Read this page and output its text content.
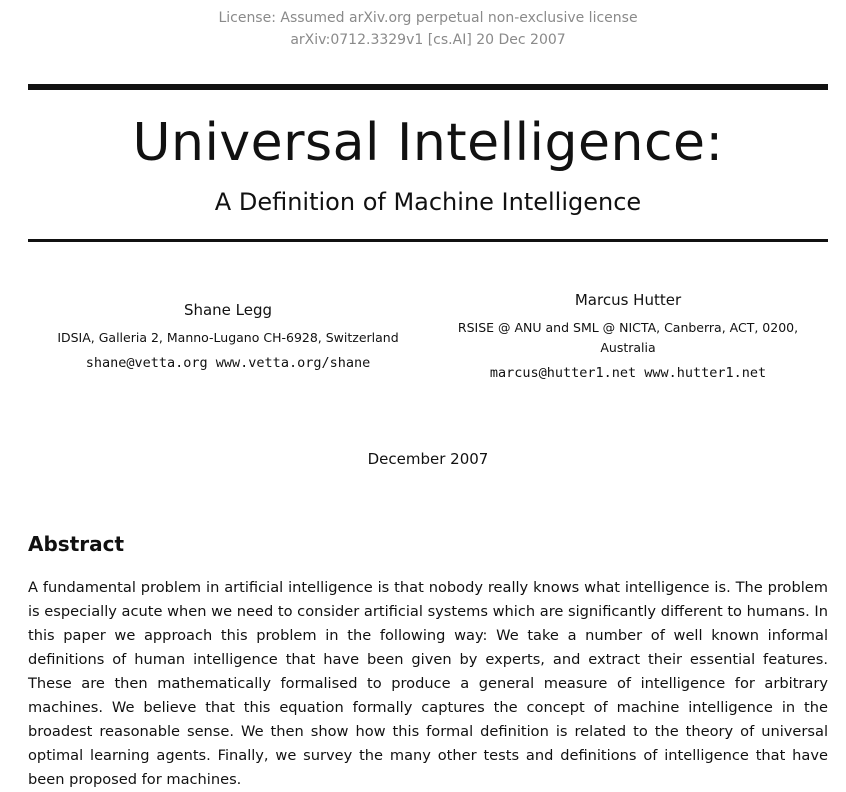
License: Assumed arXiv.org perpetual non-exclusive license
arXiv:0712.3329v1 [cs.AI] 20 Dec 2007
Universal Intelligence:
A Definition of Machine Intelligence
Shane Legg
IDSIA, Galleria 2, Manno-Lugano CH-6928, Switzerland
shane@vetta.org www.vetta.org/shane
Marcus Hutter
RSISE @ ANU and SML @ NICTA, Canberra, ACT, 0200, Australia
marcus@hutter1.net www.hutter1.net
December 2007
Abstract
A fundamental problem in artificial intelligence is that nobody really knows what intelligence is. The problem is especially acute when we need to consider artificial systems which are significantly different to humans. In this paper we approach this problem in the following way: We take a number of well known informal definitions of human intelligence that have been given by experts, and extract their essential features. These are then mathematically formalised to produce a general measure of intelligence for arbitrary machines. We believe that this equation formally captures the concept of machine intelligence in the broadest reasonable sense. We then show how this formal definition is related to the theory of universal optimal learning agents. Finally, we survey the many other tests and definitions of intelligence that have been proposed for machines.
